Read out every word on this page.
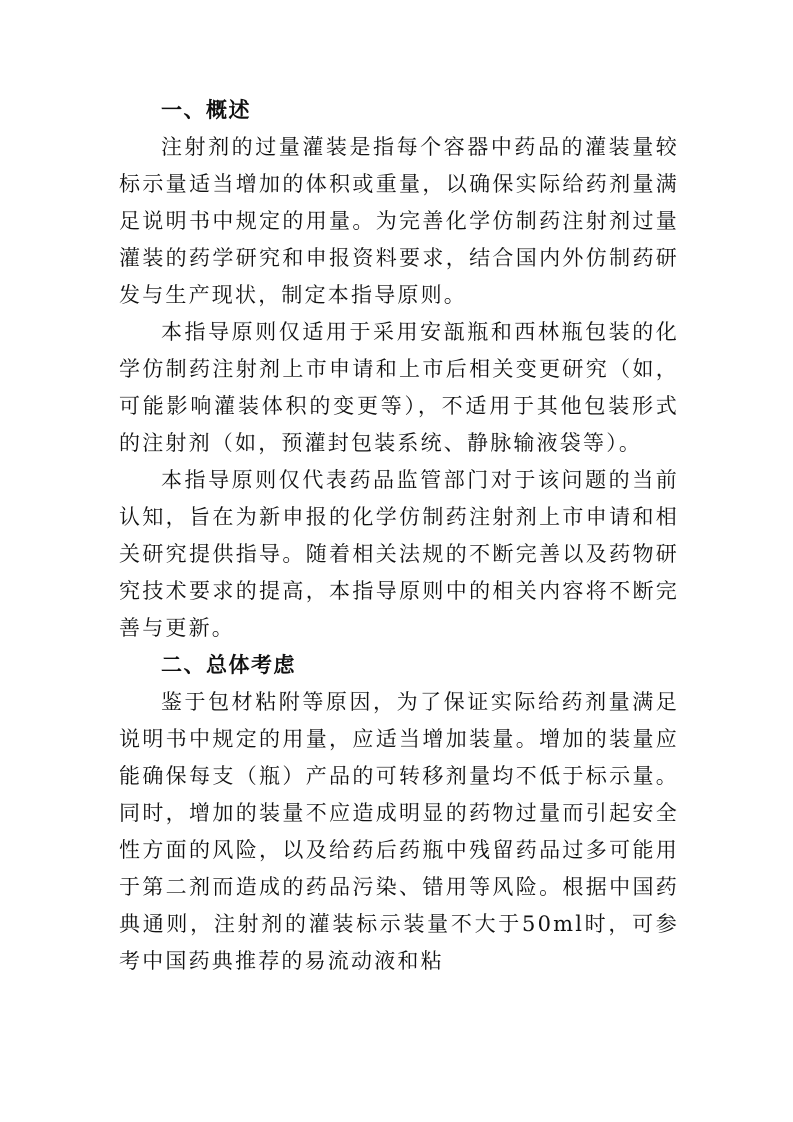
一、概述

注射剂的过量灌装是指每个容器中药品的灌装量较标示量适当增加的体积或重量，以确保实际给药剂量满足说明书中规定的用量。为完善化学仿制药注射剂过量灌装的药学研究和申报资料要求，结合国内外仿制药研发与生产现状，制定本指导原则。

本指导原则仅适用于采用安瓿瓶和西林瓶包装的化学仿制药注射剂上市申请和上市后相关变更研究（如，可能影响灌装体积的变更等），不适用于其他包装形式的注射剂（如，预灌封包装系统、静脉输液袋等）。

本指导原则仅代表药品监管部门对于该问题的当前认知，旨在为新申报的化学仿制药注射剂上市申请和相关研究提供指导。随着相关法规的不断完善以及药物研究技术要求的提高，本指导原则中的相关内容将不断完善与更新。

二、总体考虑

鉴于包材粘附等原因，为了保证实际给药剂量满足说明书中规定的用量，应适当增加装量。增加的装量应能确保每支（瓶）产品的可转移剂量均不低于标示量。同时，增加的装量不应造成明显的药物过量而引起安全性方面的风险，以及给药后药瓶中残留药品过多可能用于第二剂而造成的药品污染、错用等风险。根据中国药典通则，注射剂的灌装标示装量不大于50ml时，可参考中国药典推荐的易流动液和粘
